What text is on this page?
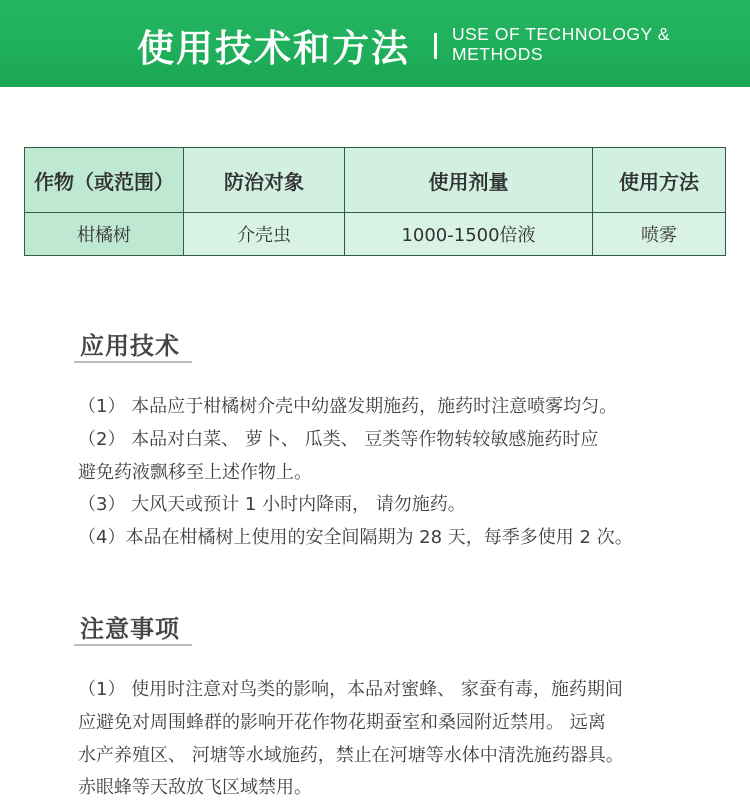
使用技术和方法 USE OF TECHNOLOGY &
METHODS
作物（或范围）	防治对象	使用剂量	使用方法
柑橘树	介壳虫	1000-1500倍液	喷雾
应用技术
（1） 本品应于柑橘树介壳中幼盛发期施药，施药时注意喷雾均匀。
（2） 本品对白菜、 萝卜、 瓜类、 豆类等作物转较敏感施药时应
避免药液飘移至上述作物上。
（3） 大风天或预计 1 小时内降雨， 请勿施药。
（4）本品在柑橘树上使用的安全间隔期为 28 天，每季多使用 2 次。
注意事项
（1） 使用时注意对鸟类的影响，本品对蜜蜂、 家蚕有毒，施药期间
应避免对周围蜂群的影响开花作物花期蚕室和桑园附近禁用。 远离
水产养殖区、 河塘等水域施药，禁止在河塘等水体中清洗施药器具。
赤眼蜂等天敌放飞区域禁用。
